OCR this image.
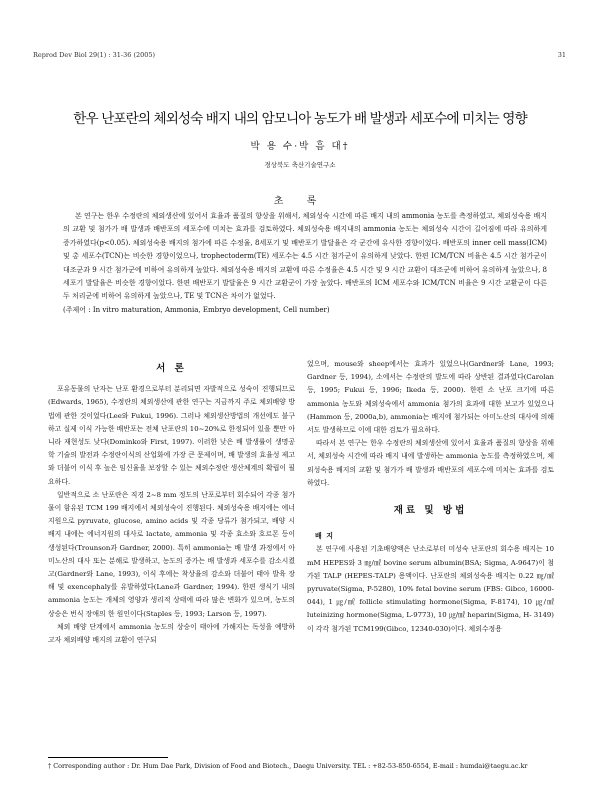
Reprod Dev Biol 29(1) : 31-36 (2005)	31
한우 난포란의 체외성숙 배지 내의 암모니아 농도가 배 발생과 세포수에 미치는 영향
박 용 수·박 흠 대†
경상북도 축산기술연구소
초 록

본 연구는 한우 수정란의 체외생산에 있어서 효율과 품질의 향상을 위해서, 체외성숙 시간에 따른 배지 내의 ammonia 농도를 측정하였고, 체외성숙용 배지의 교환 및 첨가가 배 발생과 배반포의 세포수에 미치는 효과를 검토하였다. 체외성숙용 배지내의 ammonia 농도는 체외성숙 시간이 길어짐에 따라 유의하게 증가하였다(p<0.05). 체외성숙용 배지의 첨가에 따른 수정율, 8세포기 및 배반포기 발달율은 각 군간에 유사한 경향이었다. 배반포의 inner cell mass(ICM) 및 총 세포수(TCN)는 비슷한 경향이었으나, trophectoderm(TE) 세포수는 4.5 시간 첨가군이 유의하게 낮았다. 한편 ICM/TCN 비율은 4.5 시간 첨가군이 대조군과 9 시간 첨가군에 비하여 유의하게 높았다. 체외성숙용 배지의 교환에 따른 수정율은 4.5 시간 및 9 시간 교환이 대조군에 비하여 유의하게 높았으나, 8세포기 발달율은 비슷한 경향이었다. 한편 배반포기 발달율은 9 시간 교환군이 가장 높았다. 배반포의 ICM 세포수와 ICM/TCN 비율은 9 시간 교환군이 다른 두 처리군에 비하여 유의하게 높았으나, TE 및 TCN은 차이가 없었다.

(주제어 : In vitro maturation, Ammonia, Embryo development, Cell number)

서 론

포유동물의 난자는 난포 환경으로부터 분리되면 자발적으로 성숙이 진행되므로(Edwards, 1965), 수정란의 체외생산에 관한 연구는 지금까지 주로 체외배양 방법에 관한 것이었다(Lee와 Fukui, 1996). 그러나 체외생산방법의 개선에도 불구하고 실제 이식 가능한 배반포는 전체 난포란의 10~20%로 한정되어 있을 뿐만 아니라 재현성도 낮다(Dominko와 First, 1997). 이러한 낮은 배 발생률이 생명공학 기술의 발전과 수정란이식의 산업화에 가장 큰 문제이며, 배 발생의 효율성 제고와 더불어 이식 후 높은 임신율을 보장할 수 있는 체외수정란 생산체계의 확립이 필요하다.

일반적으로 소 난포란은 직경 2~8 mm 정도의 난포로부터 회수되어 각종 첨가물이 함유된 TCM 199 배지에서 체외성숙이 진행된다. 체외성숙용 배지에는 에너지원으로 pyruvate, glucose, amino acids 및 각종 당류가 첨가되고, 배양 시 배지 내에는 에너지원의 대사로 lactate, ammonia 및 각종 효소와 호르몬 등이 생성된다(Trounson과 Gardner, 2000). 특히 ammonia는 배 발생 과정에서 아미노산의 대사 또는 분해로 발생하고, 농도의 증가는 배 발생과 세포수를 감소시켰고(Gardner와 Lane, 1993), 이식 후에는 착상율의 감소와 더불어 태아 발육 장해 및 exencephaly를 유발하였다(Lane과 Gardner, 1994). 한편 생식기 내의 ammonia 농도는 개체의 영양과 생리적 상태에 따라 많은 변화가 있으며, 농도의 상승은 번식 장애의 한 원인이다(Staples 등, 1993; Larson 등, 1997).

체외 배양 단계에서 ammonia 농도의 상승이 태아에 가해지는 독성을 예방하고자 체외배양 배지의 교환이 연구되

었으며, mouse와 sheep에서는 효과가 있었으나(Gardner와 Lane, 1993; Gardner 등, 1994), 소에서는 수정란의 발도에 따라 상반된 결과였다(Carolan 등, 1995; Fukui 등, 1996; Ikeda 등, 2000). 한편 소 난포 크기에 따른 ammonia 농도와 체외성숙에서 ammonia 첨가의 효과에 대한 보고가 있었으나(Hammon 등, 2000a,b), ammonia는 배지에 첨가되는 아미노산의 대사에 의해서도 발생하므로 이에 대한 검토가 필요하다.

따라서 본 연구는 한우 수정란의 체외생산에 있어서 효율과 품질의 향상을 위해서, 체외성숙 시간에 따라 배지 내에 발생하는 ammonia 농도를 측정하였으며, 체외성숙용 배지의 교환 및 첨가가 배 발생과 배반포의 세포수에 미치는 효과를 검토하였다.

재료 및 방법
배 지

본 연구에 사용된 기초배양액은 난소로부터 미성숙 난포란의 회수용 배지는 10 mM HEPES와 3 ㎎/㎖ bovine serum albumin(BSA; Sigma, A-9647)이 첨가된 TALP (HEPES-TALP) 용액이다. 난포란의 체외성숙용 배지는 0.22 ㎎/㎖ pyruvate(Sigma, P-5280), 10% fetal bovine serum (FBS: Gibco, 16000-044), 1 ㎍/㎖ follicle stimulating hormone(Sigma, F-8174), 10 ㎍/㎖ luteinizing hormone(Sigma, L-9773), 10 ㎍/㎖ heparin(Sigma, H- 3149)이 각각 첨가된 TCM199(Gibco, 12340-030)이다. 체외수정용

† Corresponding author : Dr. Hum Dae Park, Division of Food and Biotech., Daegu University. TEL : +82-53-850-6554, E-mail : humdai@taegu.ac.kr
